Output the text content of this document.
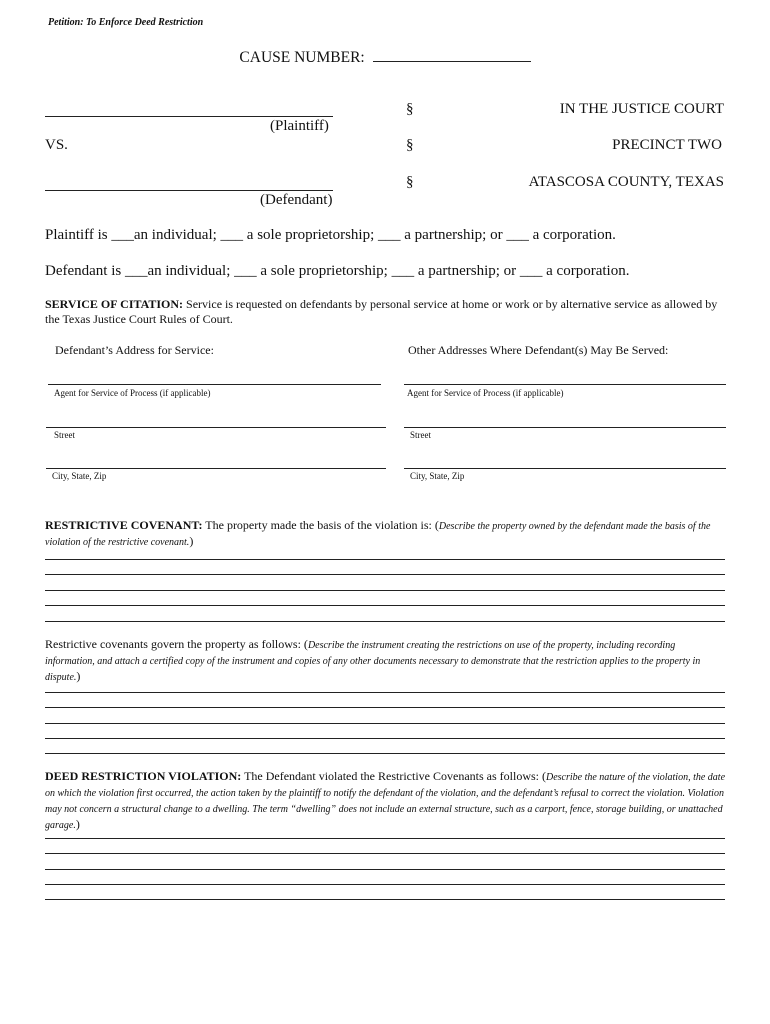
Petition: To Enforce Deed Restriction
CAUSE NUMBER:
(Plaintiff)
VS.
(Defendant)
§
§
§
IN THE JUSTICE COURT
PRECINCT TWO
ATASCOSA COUNTY, TEXAS
Plaintiff is ___an individual; ___ a sole proprietorship; ___ a partnership; or ___ a corporation.
Defendant is ___an individual; ___ a sole proprietorship; ___ a partnership; or ___ a corporation.
SERVICE OF CITATION: Service is requested on defendants by personal service at home or work or by alternative service as allowed by the Texas Justice Court Rules of Court.
Defendant’s Address for Service:	Other Addresses Where Defendant(s) May Be Served:
Agent for Service of Process (if applicable)
Street
City, State, Zip
Agent for Service of Process (if applicable)
Street
City, State, Zip
RESTRICTIVE COVENANT: The property made the basis of the violation is: (Describe the property owned by the defendant made the basis of the violation of the restrictive covenant.)
Restrictive covenants govern the property as follows: (Describe the instrument creating the restrictions on use of the property, including recording information, and attach a certified copy of the instrument and copies of any other documents necessary to demonstrate that the restriction applies to the property in dispute.)
DEED RESTRICTION VIOLATION: The Defendant violated the Restrictive Covenants as follows: (Describe the nature of the violation, the date on which the violation first occurred, the action taken by the plaintiff to notify the defendant of the violation, and the defendant’s refusal to correct the violation. Violation may not concern a structural change to a dwelling. The term “dwelling” does not include an external structure, such as a carport, fence, storage building, or unattached garage.)
